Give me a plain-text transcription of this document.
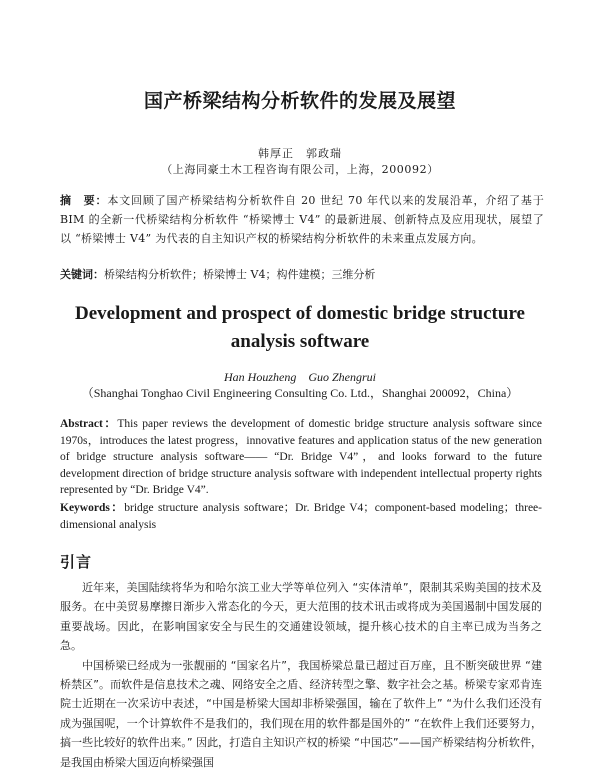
国产桥梁结构分析软件的发展及展望
韩厚正　郭政瑞
（上海同豪土木工程咨询有限公司，上海，200092）
摘　要：本文回顾了国产桥梁结构分析软件自 20 世纪 70 年代以来的发展沿革，介绍了基于 BIM 的全新一代桥梁结构分析软件 “桥梁博士 V4” 的最新进展、创新特点及应用现状，展望了以 “桥梁博士 V4” 为代表的自主知识产权的桥梁结构分析软件的未来重点发展方向。
关键词：桥梁结构分析软件；桥梁博士 V4；构件建模；三维分析
Development and prospect of domestic bridge structure analysis software
Han Houzheng　Guo Zhengrui
（Shanghai Tonghao Civil Engineering Consulting Co. Ltd.，Shanghai 200092，China）
Abstract：This paper reviews the development of domestic bridge structure analysis software since 1970s，introduces the latest progress，innovative features and application status of the new generation of bridge structure analysis software—— “Dr. Bridge V4”，and looks forward to the future development direction of bridge structure analysis software with independent intellectual property rights represented by “Dr. Bridge V4”.
Keywords：bridge structure analysis software；Dr. Bridge V4；component-based modeling；three-dimensional analysis
引言

近年来，美国陆续将华为和哈尔滨工业大学等单位列入 “实体清单”，限制其采购美国的技术及服务。在中美贸易摩擦日渐步入常态化的今天，更大范围的技术讯击或将成为美国遏制中国发展的重要战场。因此，在影响国家安全与民生的交通建设领域，提升核心技术的自主率已成为当务之急。

中国桥梁已经成为一张靓丽的 “国家名片”，我国桥梁总量已超过百万座，且不断突破世界 “建桥禁区”。而软件是信息技术之魂、网络安全之盾、经济转型之擎、数字社会之基。桥梁专家邓肯连院士近期在一次采访中表述，“中国是桥梁大国却非桥梁强国，输在了软件上” “为什么我们还没有成为强国呢，一个计算软件不是我们的，我们现在用的软件都是国外的” “在软件上我们还要努力，搞一些比较好的软件出来。” 因此，打造自主知识产权的桥梁 “中国芯”——国产桥梁结构分析软件，是我国由桥梁大国迈向桥梁强国
